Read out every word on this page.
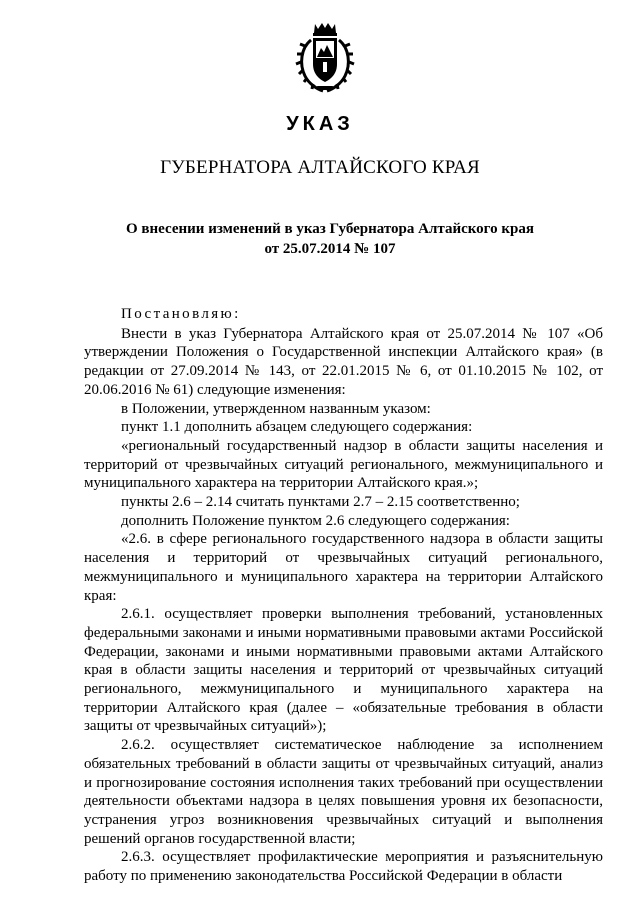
УКАЗ
ГУБЕРНАТОРА АЛТАЙСКОГО КРАЯ
О внесении изменений в указ Губернатора Алтайского края
от 25.07.2014 № 107

Постановляю:

Внести в указ Губернатора Алтайского края от 25.07.2014 № 107 «Об утверждении Положения о Государственной инспекции Алтайского края» (в редакции от 27.09.2014 № 143, от 22.01.2015 № 6, от 01.10.2015 № 102, от 20.06.2016 № 61) следующие изменения:

в Положении, утвержденном названным указом:

пункт 1.1 дополнить абзацем следующего содержания:

«региональный государственный надзор в области защиты населения и территорий от чрезвычайных ситуаций регионального, межмуниципального и муниципального характера на территории Алтайского края.»;

пункты 2.6 – 2.14 считать пунктами 2.7 – 2.15 соответственно;

дополнить Положение пунктом 2.6 следующего содержания:

«2.6. в сфере регионального государственного надзора в области защиты населения и территорий от чрезвычайных ситуаций регионального, межмуниципального и муниципального характера на территории Алтайского края:

2.6.1. осуществляет проверки выполнения требований, установленных федеральными законами и иными нормативными правовыми актами Российской Федерации, законами и иными нормативными правовыми актами Алтайского края в области защиты населения и территорий от чрезвычайных ситуаций регионального, межмуниципального и муниципального характера на территории Алтайского края (далее – «обязательные требования в области защиты от чрезвычайных ситуаций»);

2.6.2. осуществляет систематическое наблюдение за исполнением обязательных требований в области защиты от чрезвычайных ситуаций, анализ и прогнозирование состояния исполнения таких требований при осуществлении деятельности объектами надзора в целях повышения уровня их безопасности, устранения угроз возникновения чрезвычайных ситуаций и выполнения решений органов государственной власти;

2.6.3. осуществляет профилактические мероприятия и разъяснительную работу по применению законодательства Российской Федерации в области
